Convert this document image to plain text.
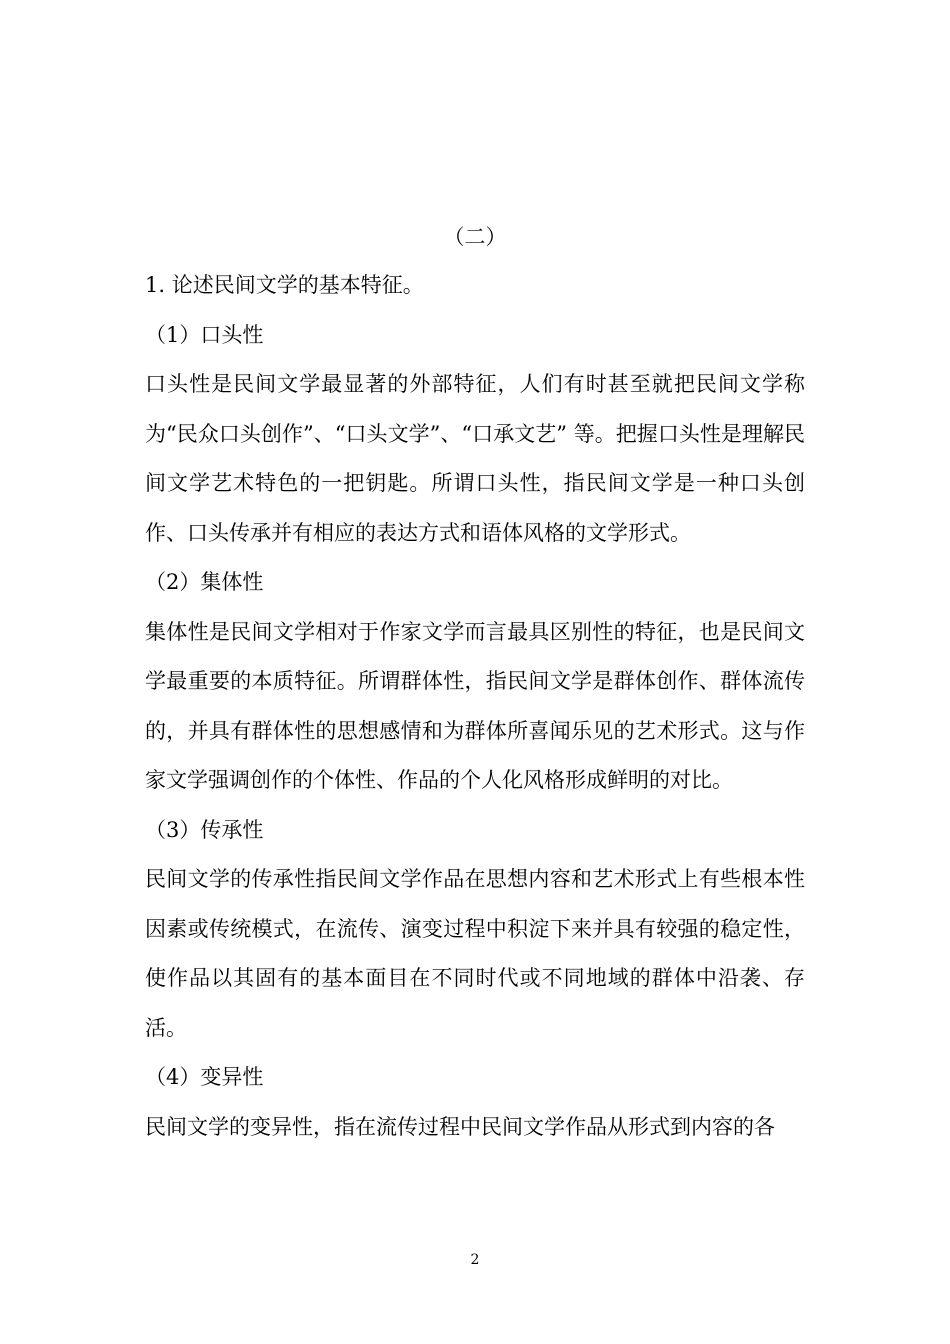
（二）

1. 论述民间文学的基本特征。

（1）口头性

口头性是民间文学最显著的外部特征，人们有时甚至就把民间文学称为“民众口头创作”、“口头文学”、“口承文艺” 等。把握口头性是理解民间文学艺术特色的一把钥匙。所谓口头性，指民间文学是一种口头创作、口头传承并有相应的表达方式和语体风格的文学形式。

（2）集体性

集体性是民间文学相对于作家文学而言最具区别性的特征，也是民间文学最重要的本质特征。所谓群体性，指民间文学是群体创作、群体流传的，并具有群体性的思想感情和为群体所喜闻乐见的艺术形式。这与作家文学强调创作的个体性、作品的个人化风格形成鲜明的对比。

（3）传承性

民间文学的传承性指民间文学作品在思想内容和艺术形式上有些根本性因素或传统模式，在流传、演变过程中积淀下来并具有较强的稳定性，使作品以其固有的基本面目在不同时代或不同地域的群体中沿袭、存活。

（4）变异性

民间文学的变异性，指在流传过程中民间文学作品从形式到内容的各

2
